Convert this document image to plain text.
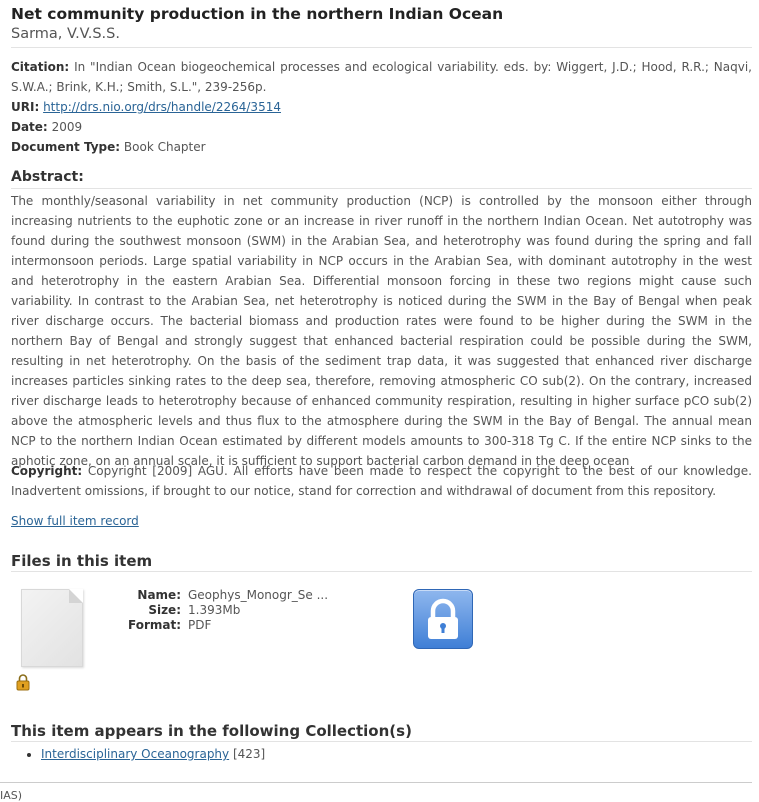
Net community production in the northern Indian Ocean
Sarma, V.V.S.S.
Citation: In "Indian Ocean biogeochemical processes and ecological variability. eds. by: Wiggert, J.D.; Hood, R.R.; Naqvi, S.W.A.; Brink, K.H.; Smith, S.L.", 239-256p.
URI: http://drs.nio.org/drs/handle/2264/3514
Date: 2009
Document Type: Book Chapter
Abstract:
The monthly/seasonal variability in net community production (NCP) is controlled by the monsoon either through increasing nutrients to the euphotic zone or an increase in river runoff in the northern Indian Ocean. Net autotrophy was found during the southwest monsoon (SWM) in the Arabian Sea, and heterotrophy was found during the spring and fall intermonsoon periods. Large spatial variability in NCP occurs in the Arabian Sea, with dominant autotrophy in the west and heterotrophy in the eastern Arabian Sea. Differential monsoon forcing in these two regions might cause such variability. In contrast to the Arabian Sea, net heterotrophy is noticed during the SWM in the Bay of Bengal when peak river discharge occurs. The bacterial biomass and production rates were found to be higher during the SWM in the northern Bay of Bengal and strongly suggest that enhanced bacterial respiration could be possible during the SWM, resulting in net heterotrophy. On the basis of the sediment trap data, it was suggested that enhanced river discharge increases particles sinking rates to the deep sea, therefore, removing atmospheric CO sub(2). On the contrary, increased river discharge leads to heterotrophy because of enhanced community respiration, resulting in higher surface pCO sub(2) above the atmospheric levels and thus flux to the atmosphere during the SWM in the Bay of Bengal. The annual mean NCP to the northern Indian Ocean estimated by different models amounts to 300-318 Tg C. If the entire NCP sinks to the aphotic zone, on an annual scale, it is sufficient to support bacterial carbon demand in the deep ocean
Copyright: Copyright [2009] AGU. All efforts have been made to respect the copyright to the best of our knowledge. Inadvertent omissions, if brought to our notice, stand for correction and withdrawal of document from this repository.
Show full item record
Files in this item
Name: Geophys_Monogr_Se ...
Size: 1.393Mb
Format: PDF
This item appears in the following Collection(s)
• Interdisciplinary Oceanography [423]
IAS)
